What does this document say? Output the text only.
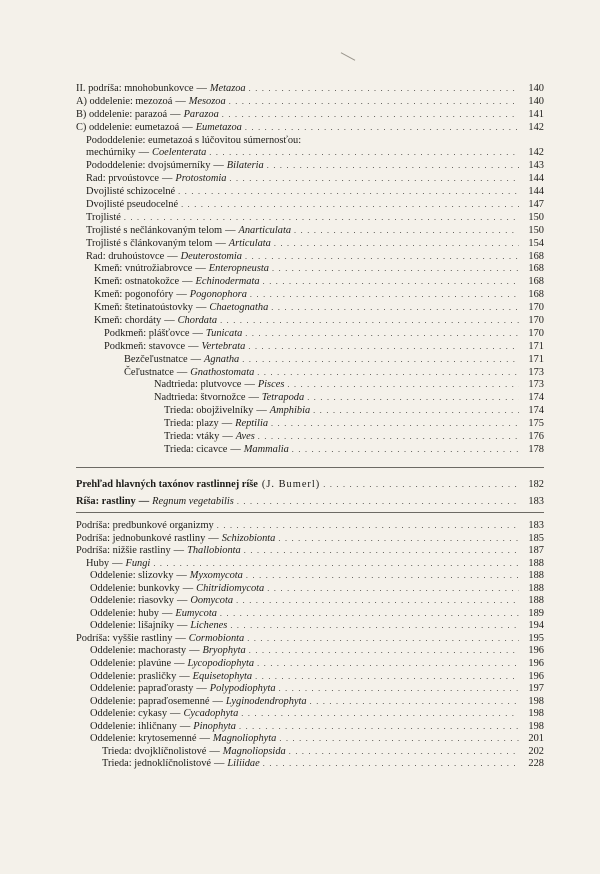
II. podríša: mnohobunkovce — Metazoa . . .	140
A) oddelenie: mezozoá — Mesozoa . . .	140
B) oddelenie: parazoá — Parazoa . . .	141
C) oddelenie: eumetazoá — Eumetazoa . . .	142
Pododdelenie: eumetazoá s lúčovitou súmernosťou:
mechúrniky — Coelenterata . . .	142
Pododdelenie: dvojsúmerníky — Bilateria . . .	143
Rad: prvoústovce — Protostomia . . .	144
Dvojlisté schizocelné . . .	144
Dvojlisté pseudocelné . . .	147
Trojlisté . . .	150
Trojlisté s nečlánkovaným telom — Anarticulata . . .	150
Trojlisté s článkovaným telom — Articulata . . .	154
Rad: druhoústovce — Deuterostomia . . .	168
Kmeň: vnútrožiabrovce — Enteropneusta . . .	168
Kmeň: ostnatokožce — Echinodermata . . .	168
Kmeň: pogonofóry — Pogonophora . . .	168
Kmeň: štetinatoústovky — Chaetognatha . . .	170
Kmeň: chordáty — Chordata . . .	170
Podkmeň: plášťovce — Tunicata . . .	170
Podkmeň: stavovce — Vertebrata . . .	171
Bezčeľustnatce — Agnatha . . .	171
Čeľustnatce — Gnathostomata . . .	173
Nadtrieda: plutvovce — Pisces . . .	173
Nadtrieda: štvornožce — Tetrapoda . . .	174
Trieda: obojživelníky — Amphibia . . .	174
Trieda: plazy — Reptilia . . .	175
Trieda: vtáky — Aves . . .	176
Trieda: cicavce — Mammalia . . .	178
Prehľad hlavných taxónov rastlinnej ríše (J. Bumerl) . . .	182
Ríša: rastliny — Regnum vegetabilis . . .	183
Podríša: predbunkové organizmy . . .	183
Podríša: jednobunkové rastliny — Schizobionta . . .	185
Podríša: nižšie rastliny — Thallobionta . . .	187
Huby — Fungi . . .	188
Oddelenie: slizovky — Myxomycota . . .	188
Oddelenie: bunkovky — Chitridiomycota . . .	188
Oddelenie: riasovky — Oomycota . . .	188
Oddelenie: huby — Eumycota . . .	189
Oddelenie: lišajníky — Lichenes . . .	194
Podríša: vyššie rastliny — Cormobionta . . .	195
Oddelenie: machorasty — Bryophyta . . .	196
Oddelenie: plavúne — Lycopodiophyta . . .	196
Oddelenie: prasličky — Equisetophyta . . .	196
Oddelenie: papraďorasty — Polypodiophyta . . .	197
Oddelenie: papraďosemenné — Lyginodendrophyta . . .	198
Oddelenie: cykasy — Cycadophyta . . .	198
Oddelenie: ihličnany — Pinophyta . . .	198
Oddelenie: krytosemenné — Magnoliophyta . . .	201
Trieda: dvojklíčnolistové — Magnoliopsida . . .	202
Trieda: jednoklíčnolistové — Liliidae . . .	228
